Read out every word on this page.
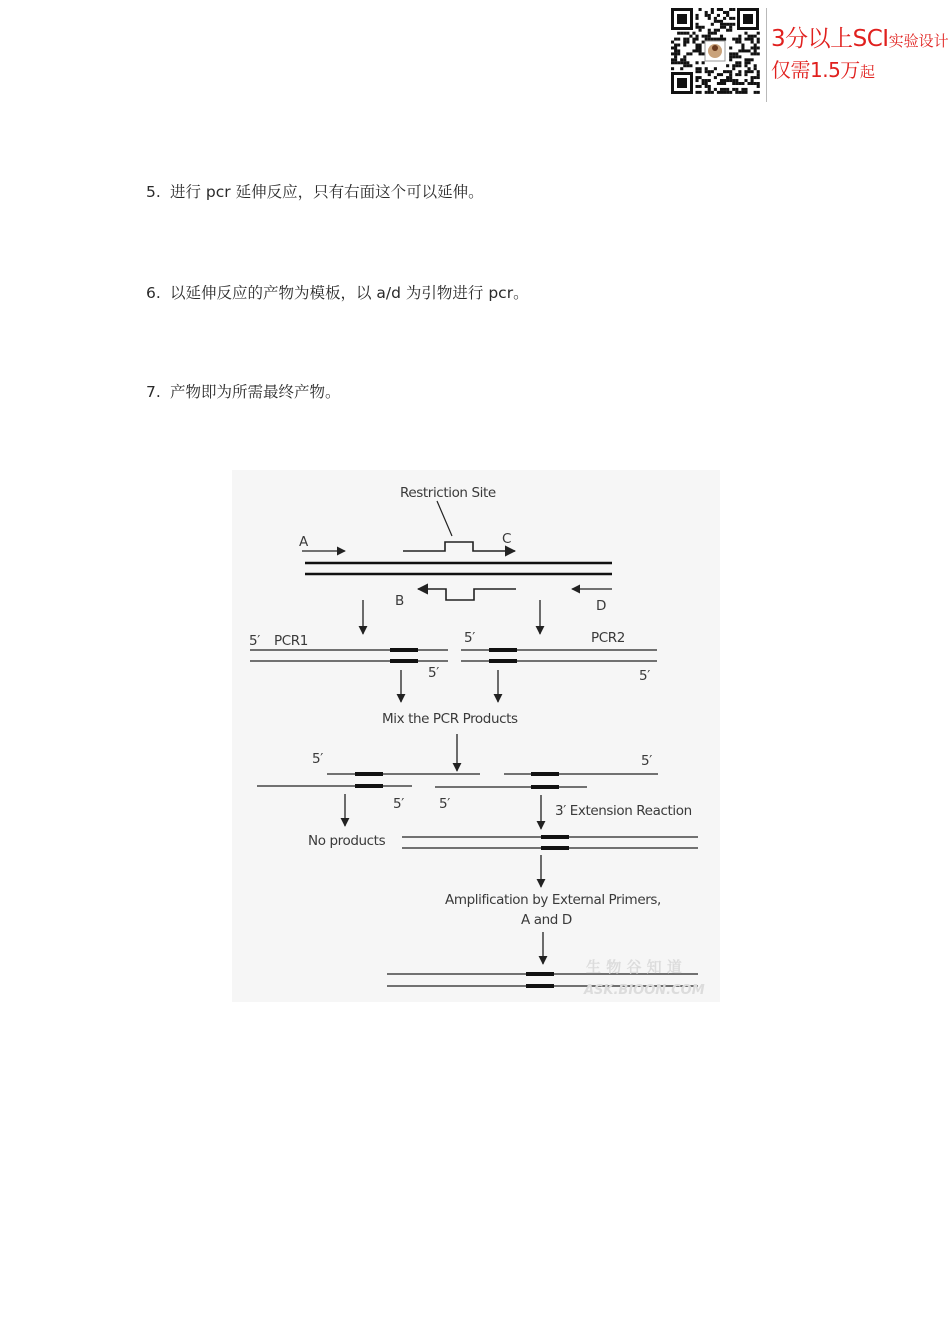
3分以上SCI实验设计
仅需1.5万起
5. 进行 pcr 延伸反应，只有右面这个可以延伸。
6. 以延伸反应的产物为模板，以 a/d 为引物进行 pcr。
7. 产物即为所需最终产物。
Restriction Site
A	C
B	D
5′ PCR1
5′
5′	PCR2
5′
Mix the PCR Products
5′
5′
5′
5′
No products
3′ Extension Reaction
Amplification by External Primers,
A and D
生 物 谷 知 道
ASK.BIOON.COM
